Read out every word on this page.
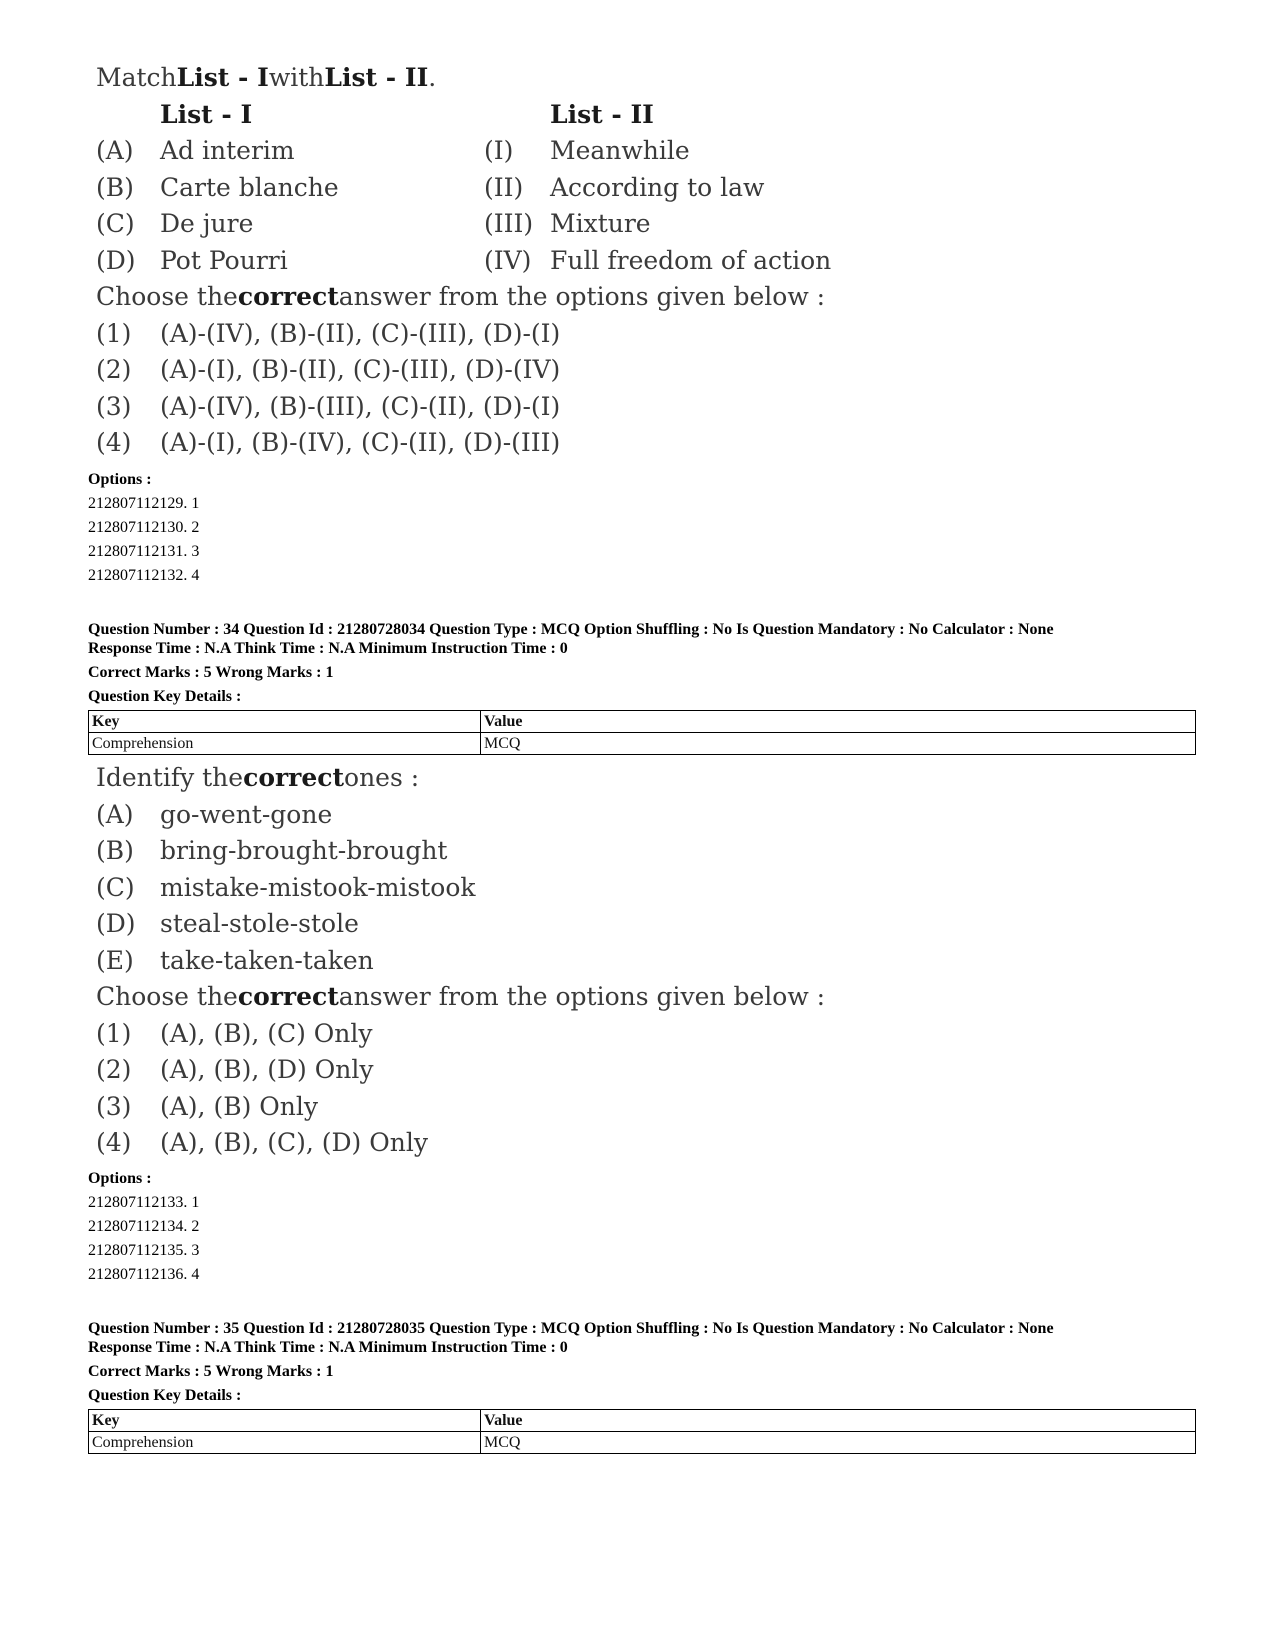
Match List - I with List - II .
List - I	List - II
(A)	Ad interim	(I)	Meanwhile
(B)	Carte blanche	(II)	According to law
(C)	De jure	(III) Mixture
(D) Pot Pourri	(IV) Full freedom of action
Choose the correct answer from the options given below :
(1)	(A)-(IV), (B)-(II), (C)-(III), (D)-(I)
(2)	(A)-(I), (B)-(II), (C)-(III), (D)-(IV)
(3)	(A)-(IV), (B)-(III), (C)-(II), (D)-(I)
(4)	(A)-(I), (B)-(IV), (C)-(II), (D)-(III)
Options :
212807112129. 1
212807112130. 2
212807112131. 3
212807112132. 4
Question Number : 34 Question Id : 21280728034 Question Type : MCQ Option Shuffling : No Is Question Mandatory : No Calculator : None
Response Time : N.A Think Time : N.A Minimum Instruction Time : 0
Correct Marks : 5 Wrong Marks : 1
Question Key Details :
Key	Value
Comprehension	MCQ
Identify the correct ones :
(A)	go-went-gone
(B)	bring-brought-brought
(C)	mistake-mistook-mistook
(D) steal-stole-stole
(E)	take-taken-taken
Choose the correct answer from the options given below :
(1)	(A), (B), (C) Only
(2)	(A), (B), (D) Only
(3)	(A), (B) Only
(4)	(A), (B), (C), (D) Only
Options :
212807112133. 1
212807112134. 2
212807112135. 3
212807112136. 4
Question Number : 35 Question Id : 21280728035 Question Type : MCQ Option Shuffling : No Is Question Mandatory : No Calculator : None
Response Time : N.A Think Time : N.A Minimum Instruction Time : 0
Correct Marks : 5 Wrong Marks : 1
Question Key Details :
Key	Value
Comprehension	MCQ
